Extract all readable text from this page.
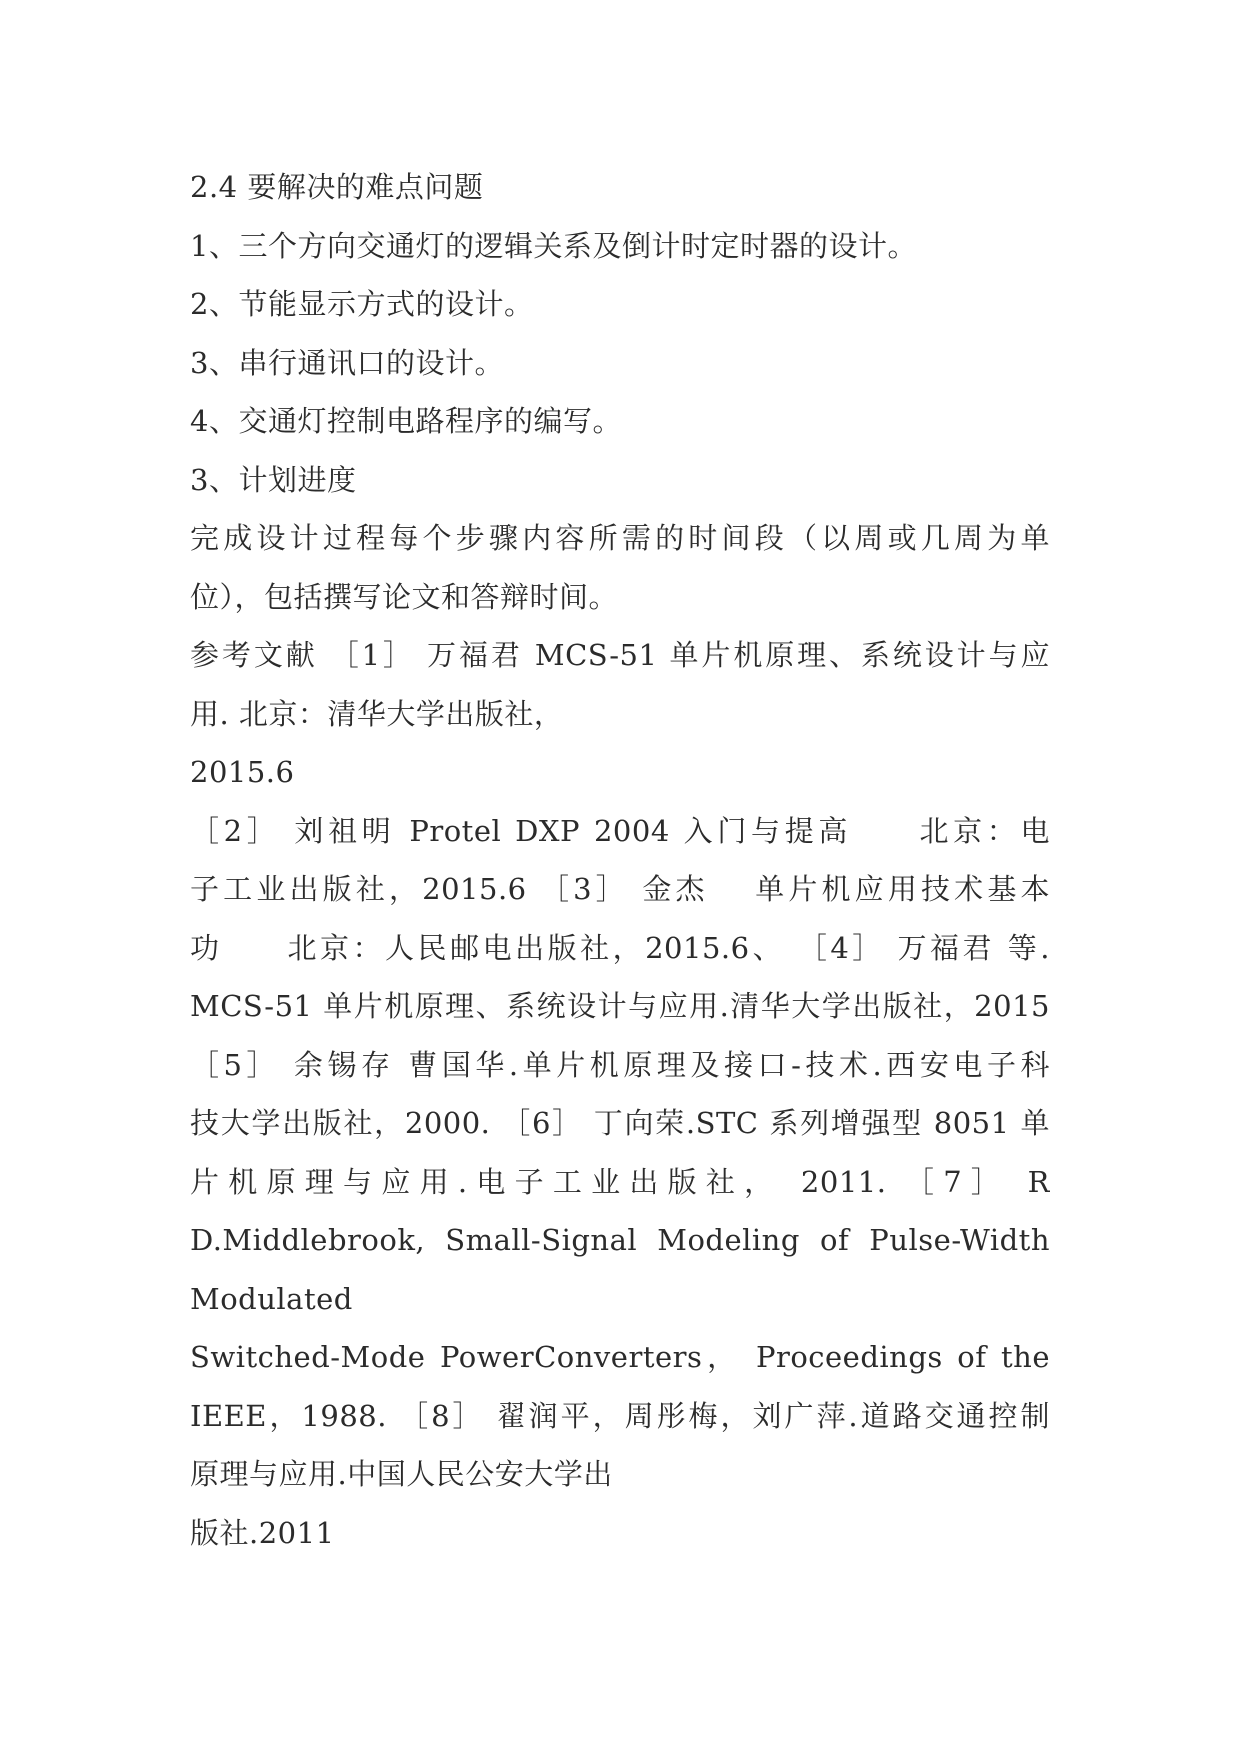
2.4 要解决的难点问题
1、三个方向交通灯的逻辑关系及倒计时定时器的设计。
2、节能显示方式的设计。
3、串行通讯口的设计。
4、交通灯控制电路程序的编写。
3、计划进度
完成设计过程每个步骤内容所需的时间段（以周或几周为单
位），包括撰写论文和答辩时间。
参考文献 ［1］ 万福君 MCS-51 单片机原理、系统设计与应
用. 北京：清华大学出版社，
2015.6
［2］ 刘祖明 Protel DXP 2004 入门与提高　　北京：电
子工业出版社，2015.6 ［3］ 金杰　 单片机应用技术基本
功　　北京：人民邮电出版社，2015.6、 ［4］ 万福君 等.
MCS-51 单片机原理、系统设计与应用.清华大学出版社，2015
［5］ 余锡存 曹国华.单片机原理及接口-技术.西安电子科
技大学出版社，2000. ［6］ 丁向荣.STC 系列增强型 8051 单
片机原理与应用.电子工业出版社， 2011. ［7］ R
D.Middlebrook, Small-Signal Modeling of Pulse-Width
Modulated
Switched-Mode PowerConverters， Proceedings of the
IEEE，1988. ［8］ 翟润平，周彤梅，刘广萍.道路交通控制
原理与应用.中国人民公安大学出
版社.2011
